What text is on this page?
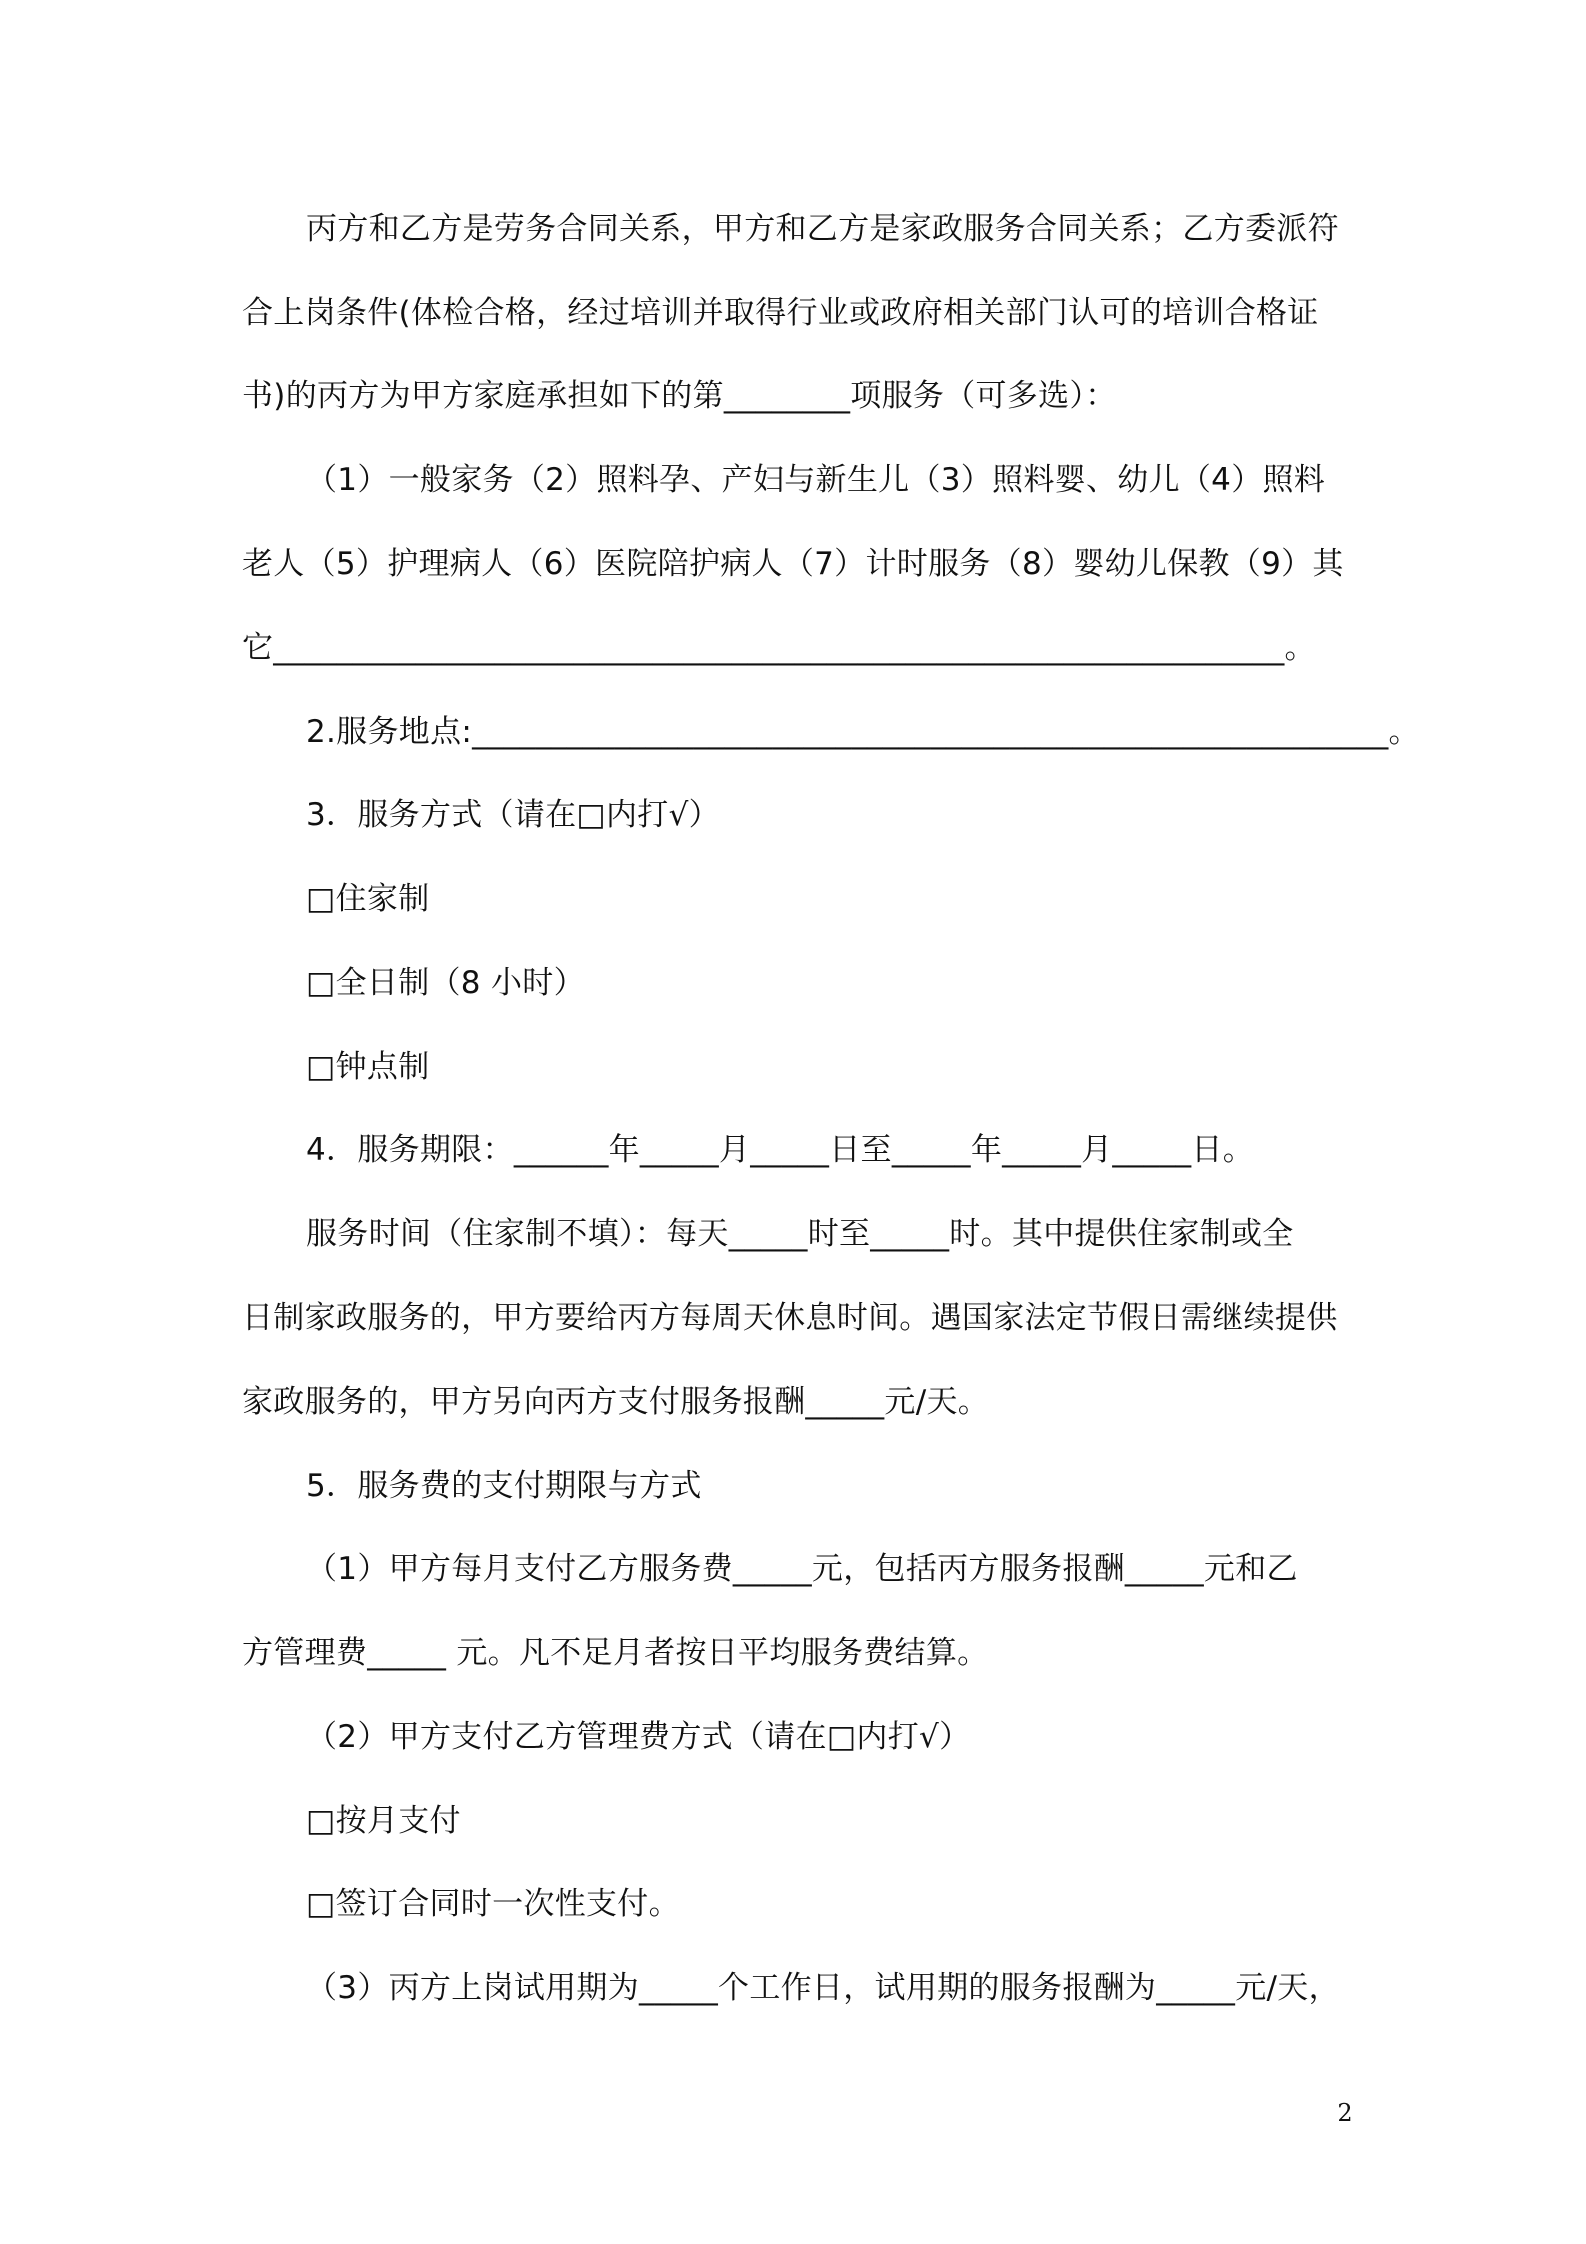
丙方和乙方是劳务合同关系，甲方和乙方是家政服务合同关系；乙方委派符
合上岗条件(体检合格，经过培训并取得行业或政府相关部门认可的培训合格证
书)的丙方为甲方家庭承担如下的第________项服务（可多选）：
（1）一般家务（2）照料孕、产妇与新生儿（3）照料婴、幼儿（4）照料
老人（5）护理病人（6）医院陪护病人（7）计时服务（8）婴幼儿保教（9）其
它________________________________________________________________。
2.服务地点:__________________________________________________________。
3．服务方式（请在□内打√）
□住家制
□全日制（8 小时）
□钟点制
4．服务期限：______年_____月_____日至_____年_____月_____日。
服务时间（住家制不填）：每天_____时至_____时。其中提供住家制或全
日制家政服务的，甲方要给丙方每周天休息时间。遇国家法定节假日需继续提供
家政服务的，甲方另向丙方支付服务报酬_____元/天。
5．服务费的支付期限与方式
（1）甲方每月支付乙方服务费_____元，包括丙方服务报酬_____元和乙
方管理费_____ 元。凡不足月者按日平均服务费结算。
（2）甲方支付乙方管理费方式（请在□内打√）
□按月支付
□签订合同时一次性支付。
（3）丙方上岗试用期为_____个工作日，试用期的服务报酬为_____元/天，
2
